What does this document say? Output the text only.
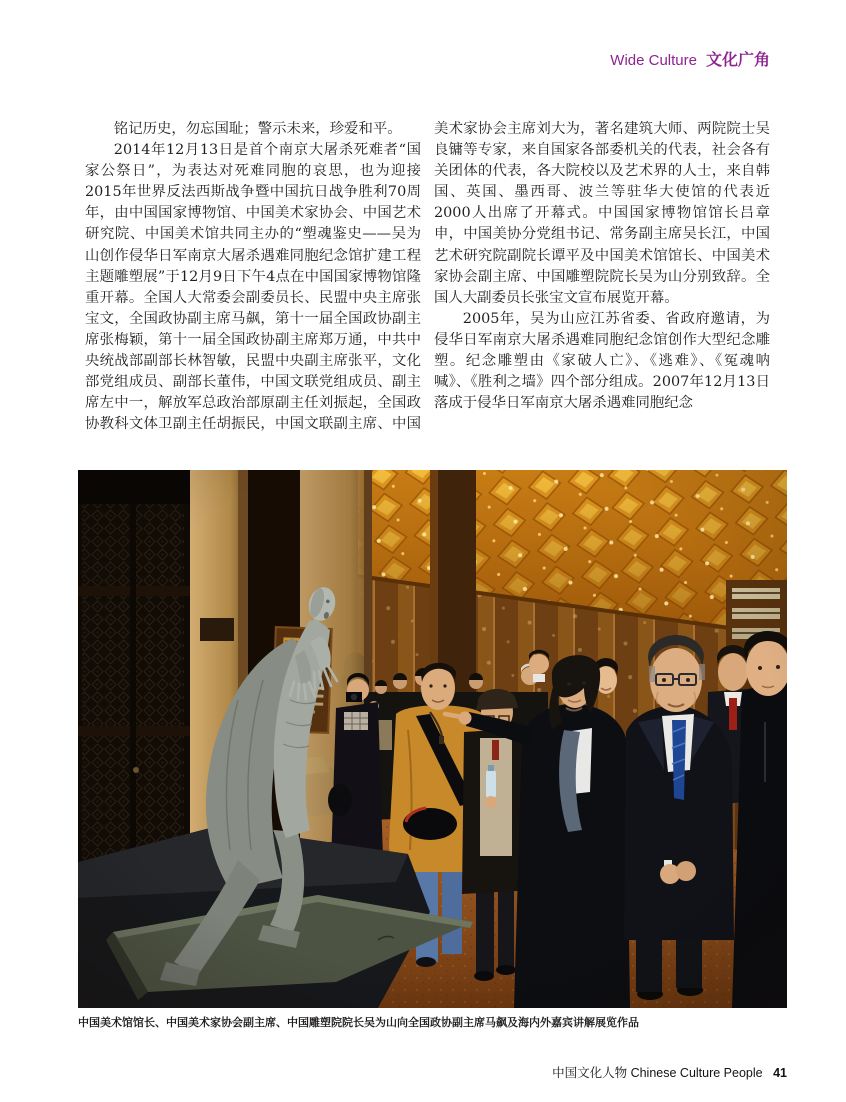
Wide Culture 文化广角

铭记历史，勿忘国耻；警示未来，珍爱和平。

2014年12月13日是首个南京大屠杀死难者“国家公祭日”，为表达对死难同胞的哀思，也为迎接2015年世界反法西斯战争暨中国抗日战争胜利70周年，由中国国家博物馆、中国美术家协会、中国艺术研究院、中国美术馆共同主办的“塑魂鉴史——吴为山创作侵华日军南京大屠杀遇难同胞纪念馆扩建工程主题雕塑展”于12月9日下午4点在中国国家博物馆隆重开幕。全国人大常委会副委员长、民盟中央主席张宝文，全国政协副主席马飙，第十一届全国政协副主席张梅颖，第十一届全国政协副主席郑万通，中共中央统战部副部长林智敏，民盟中央副主席张平，文化部党组成员、副部长董伟，中国文联党组成员、副主席左中一，解放军总政治部原副主任刘振起，全国政协教科文体卫副主任胡振民，中国文联副主席、中国美术家协会主席刘大为，著名建筑大师、两院院士吴良镛等专家，来自国家各部委机关的代表，社会各有关团体的代表，各大院校以及艺术界的人士，来自韩国、英国、墨西哥、波兰等驻华大使馆的代表近2000人出席了开幕式。中国国家博物馆馆长吕章申，中国美协分党组书记、常务副主席吴长江，中国艺术研究院副院长谭平及中国美术馆馆长、中国美术家协会副主席、中国雕塑院院长吴为山分别致辞。全国人大副委员长张宝文宣布展览开幕。

2005年，吴为山应江苏省委、省政府邀请，为侵华日军南京大屠杀遇难同胞纪念馆创作大型纪念雕塑。纪念雕塑由《家破人亡》、《逃难》、《冤魂呐喊》、《胜利之墙》四个部分组成。2007年12月13日落成于侵华日军南京大屠杀遇难同胞纪念

中国美术馆馆长、中国美术家协会副主席、中国雕塑院院长吴为山向全国政协副主席马飙及海内外嘉宾讲解展览作品
中国文化人物 Chinese Culture People 41
